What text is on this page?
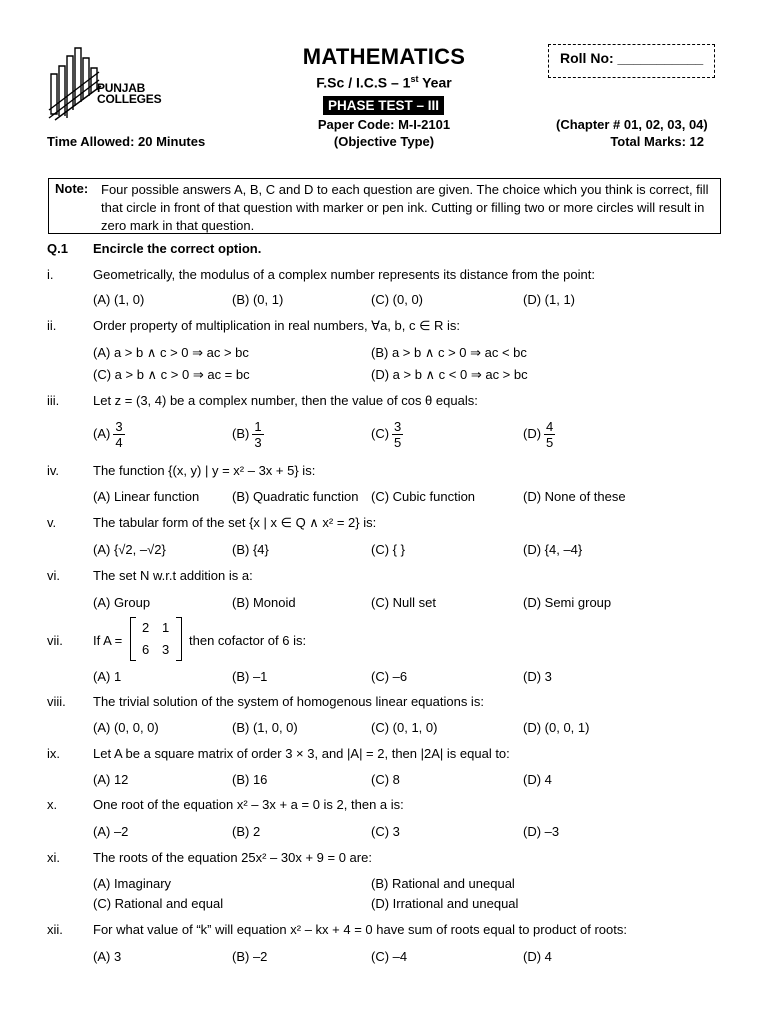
PUNJAB
COLLEGES
MATHEMATICS
F.Sc / I.C.S – 1st Year
PHASE TEST – III
Paper Code: M-I-2101
(Objective Type)
Time Allowed: 20 Minutes
(Chapter # 01, 02, 03, 04)
Total Marks: 12
Roll No: ___________
Note: Four possible answers A, B, C and D to each question are given. The choice which you think is correct, fill that circle in front of that question with marker or pen ink. Cutting or filling two or more circles will result in zero mark in that question.
Q.1 Encircle the correct option.
i.	Geometrically, the modulus of a complex number represents its distance from the point:
(A) (1, 0)	(B) (0, 1)	(C) (0, 0)	(D) (1, 1)
ii.	Order property of multiplication in real numbers, ∀a, b, c ∈ R is:
(A) a > b ∧ c > 0 ⇒ ac > bc	(B) a > b ∧ c > 0 ⇒ ac < bc
(C) a > b ∧ c > 0 ⇒ ac = bc	(D) a > b ∧ c < 0 ⇒ ac > bc
iii.	Let z = (3, 4) be a complex number, then the value of cos θ equals:
$(A) \frac{3}{4}$	$(B) \frac{1}{3}$	$(C) \frac{3}{5}$	$(D) \frac{4}{5}$
iv.	The function {(x, y) | y = x² – 3x + 5} is:
(A) Linear function	(B) Quadratic function (C) Cubic function	(D) None of these
v.	The tabular form of the set {x | x ∈ Q ∧ x² = 2} is:
(A) {√2, –√2}	(B) {4}	(C) { }	(D) {4, –4}
vi.	The set N w.r.t addition is a:
(A) Group	(B) Monoid	(C) Null set	(D) Semi group
vii. If A =
2 1
6 3
then cofactor of 6 is:
(A) 1	(B) –1	(C) –6	(D) 3
viii. The trivial solution of the system of homogenous linear equations is:
(A) (0, 0, 0)	(B) (1, 0, 0)	(C) (0, 1, 0)	(D) (0, 0, 1)
ix.	Let A be a square matrix of order 3 × 3, and |A| = 2, then |2A| is equal to:
(A) 12	(B) 16	(C) 8	(D) 4
x.	One root of the equation x² – 3x + a = 0 is 2, then a is:
(A) –2	(B) 2	(C) 3	(D) –3
xi.	The roots of the equation 25x² – 30x + 9 = 0 are:
(A) Imaginary	(B) Rational and unequal
(C) Rational and equal	(D) Irrational and unequal
xii. For what value of “k” will equation x² – kx + 4 = 0 have sum of roots equal to product of roots:
(A) 3	(B) –2	(C) –4	(D) 4
